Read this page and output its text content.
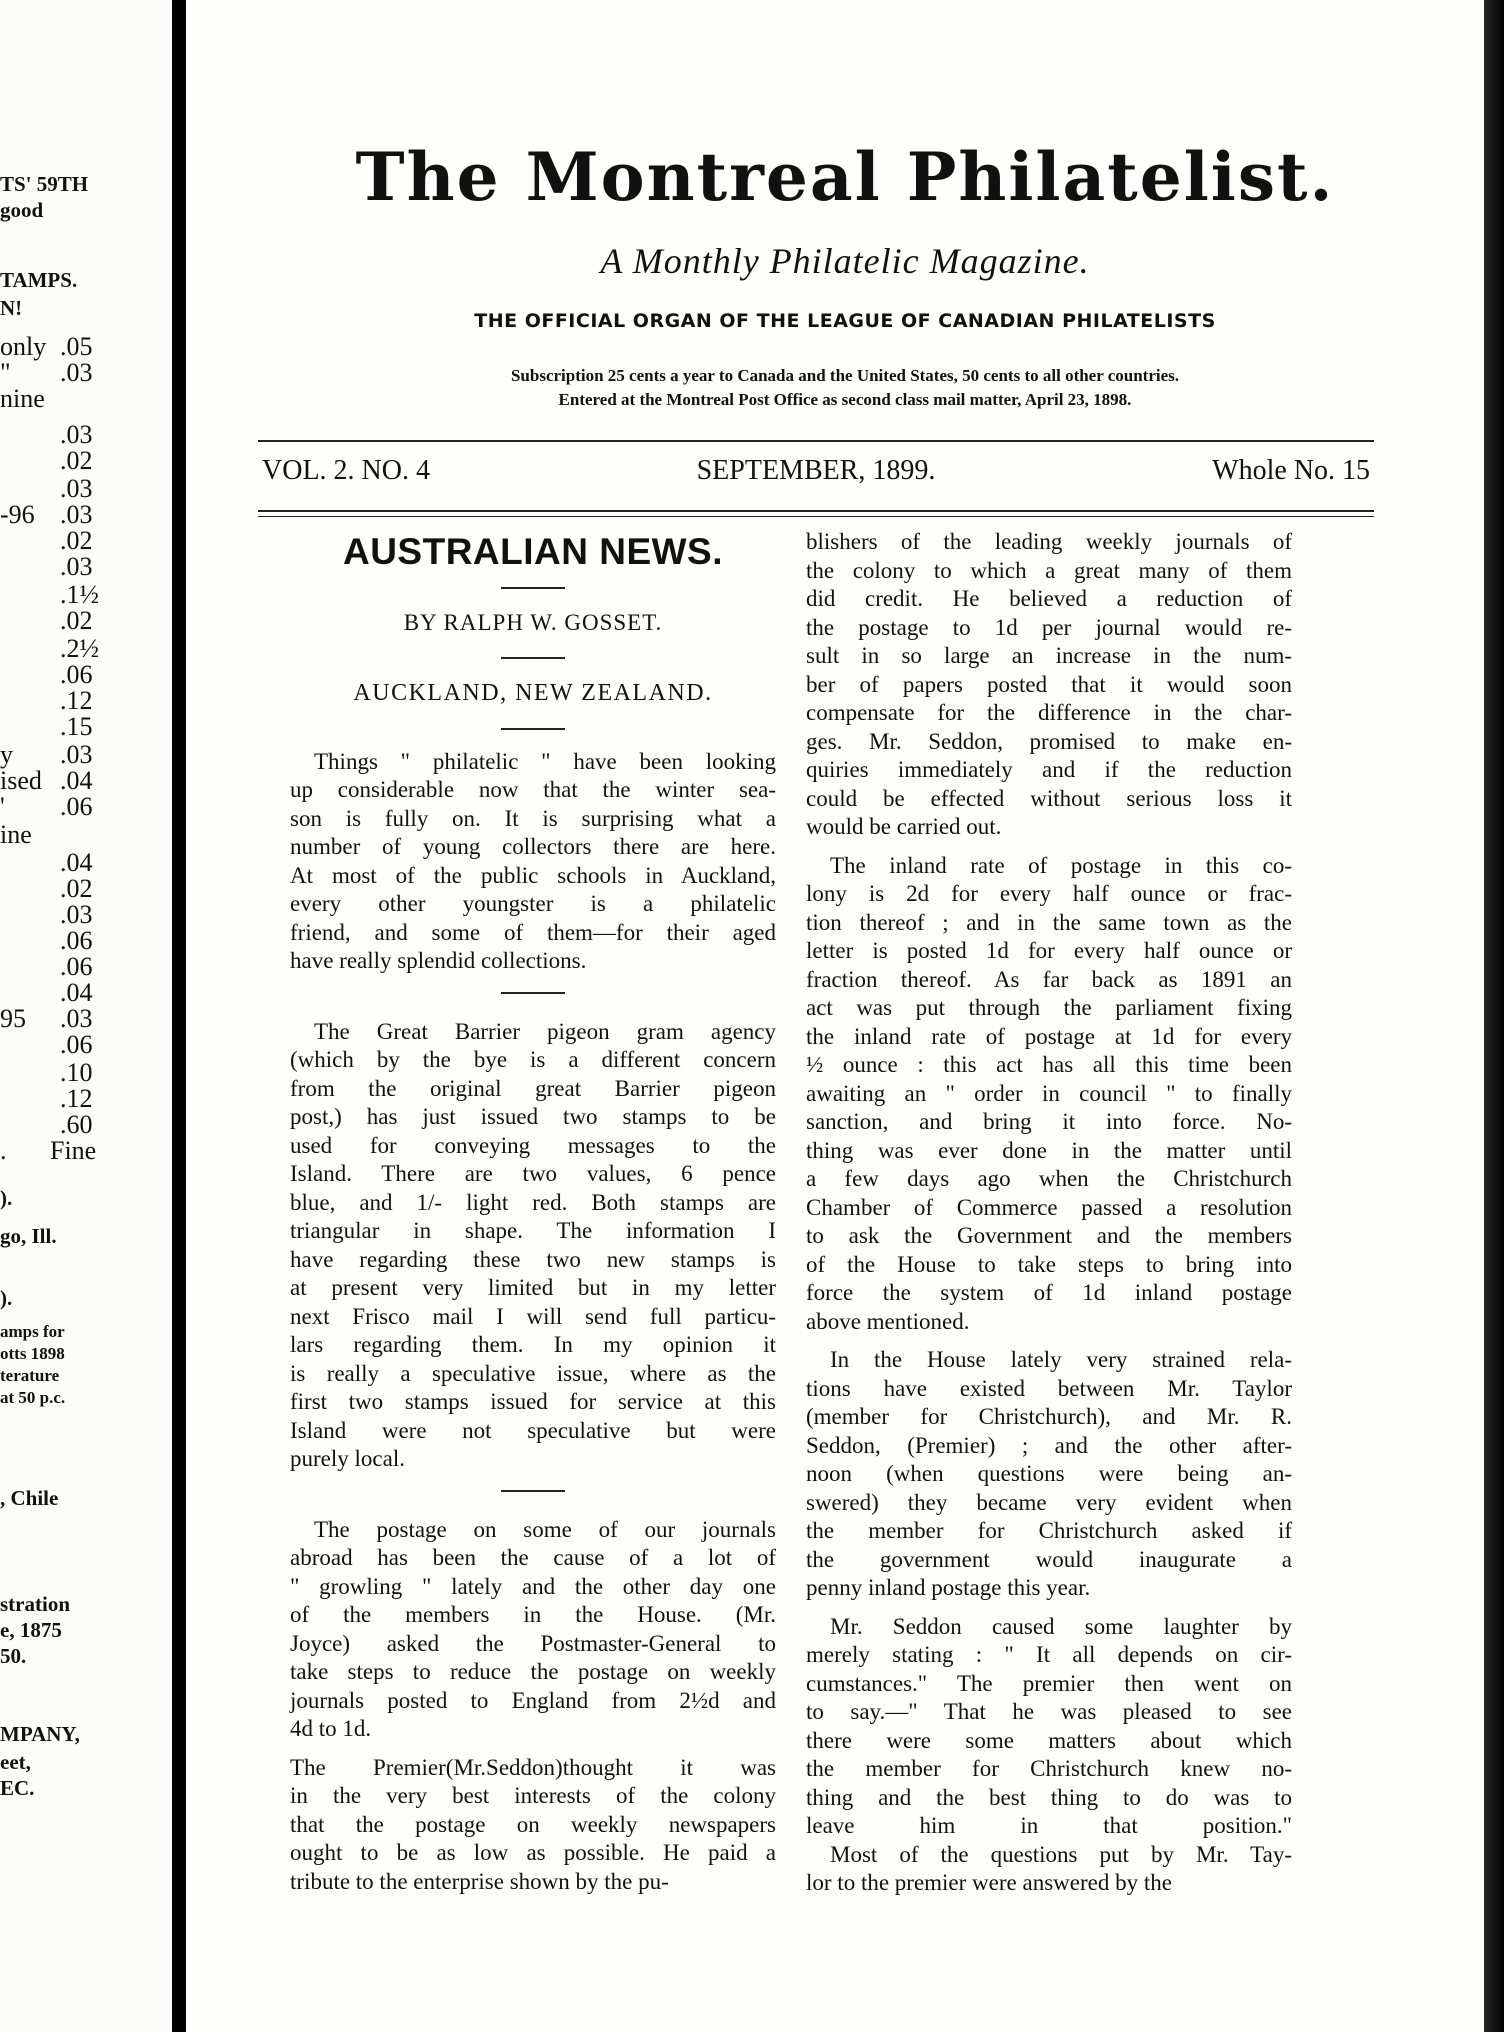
TS' 59TH
good
TAMPS.
N!
only .05
" .03
nine
.03
.02
.03
-96 .03
.02
.03
.1½
.02
.2½
.06
.12
.15
y .03
ised .04
' .06
ine
.04
.02
.03
.06
.06
.04
95 .03
.06
.10
.12
.60
. Fine
).
go, Ill.
).
amps for
otts 1898
terature
at 50 p.c.
, Chile
stration
e, 1875
50.
MPANY,
eet,
EC.
The Montreal Philatelist.
A Monthly Philatelic Magazine.
THE OFFICIAL ORGAN OF THE LEAGUE OF CANADIAN PHILATELISTS
Subscription 25 cents a year to Canada and the United States, 50 cents to all other countries.
Entered at the Montreal Post Office as second class mail matter, April 23, 1898.
VOL. 2. NO. 4	SEPTEMBER, 1899.	Whole No. 15
AUSTRALIAN NEWS.
BY RALPH W. GOSSET.
AUCKLAND, NEW ZEALAND.

Things " philatelic " have been looking
up considerable now that the winter sea-
son is fully on. It is surprising what a
number of young collectors there are here.
At most of the public schools in Auckland,
every other youngster is a philatelic
friend, and some of them—for their aged
have really splendid collections.

The Great Barrier pigeon gram agency
(which by the bye is a different concern
from the original great Barrier pigeon
post,) has just issued two stamps to be
used for conveying messages to the
Island. There are two values, 6 pence
blue, and 1/- light red. Both stamps are
triangular in shape. The information I
have regarding these two new stamps is
at present very limited but in my letter
next Frisco mail I will send full particu-
lars regarding them. In my opinion it
is really a speculative issue, where as the
first two stamps issued for service at this
Island were not speculative but were
purely local.

The postage on some of our journals
abroad has been the cause of a lot of
" growling " lately and the other day one
of the members in the House. (Mr.
Joyce) asked the Postmaster-General to
take steps to reduce the postage on weekly
journals posted to England from 2½d and
4d to 1d.

The Premier(Mr.Seddon)thought it was
in the very best interests of the colony
that the postage on weekly newspapers
ought to be as low as possible. He paid a
tribute to the enterprise shown by the pu-

blishers of the leading weekly journals of
the colony to which a great many of them
did credit. He believed a reduction of
the postage to 1d per journal would re-
sult in so large an increase in the num-
ber of papers posted that it would soon
compensate for the difference in the char-
ges. Mr. Seddon, promised to make en-
quiries immediately and if the reduction
could be effected without serious loss it
would be carried out.

The inland rate of postage in this co-
lony is 2d for every half ounce or frac-
tion thereof ; and in the same town as the
letter is posted 1d for every half ounce or
fraction thereof. As far back as 1891 an
act was put through the parliament fixing
the inland rate of postage at 1d for every
½ ounce : this act has all this time been
awaiting an " order in council " to finally
sanction, and bring it into force. No-
thing was ever done in the matter until
a few days ago when the Christchurch
Chamber of Commerce passed a resolution
to ask the Government and the members
of the House to take steps to bring into
force the system of 1d inland postage
above mentioned.

In the House lately very strained rela-
tions have existed between Mr. Taylor
(member for Christchurch), and Mr. R.
Seddon, (Premier) ; and the other after-
noon (when questions were being an-
swered) they became very evident when
the member for Christchurch asked if
the government would inaugurate a
penny inland postage this year.

Mr. Seddon caused some laughter by
merely stating : " It all depends on cir-
cumstances." The premier then went on
to say.—" That he was pleased to see
there were some matters about which
the member for Christchurch knew no-
thing and the best thing to do was to
leave him in that position."
Most of the questions put by Mr. Tay-
lor to the premier were answered by the
